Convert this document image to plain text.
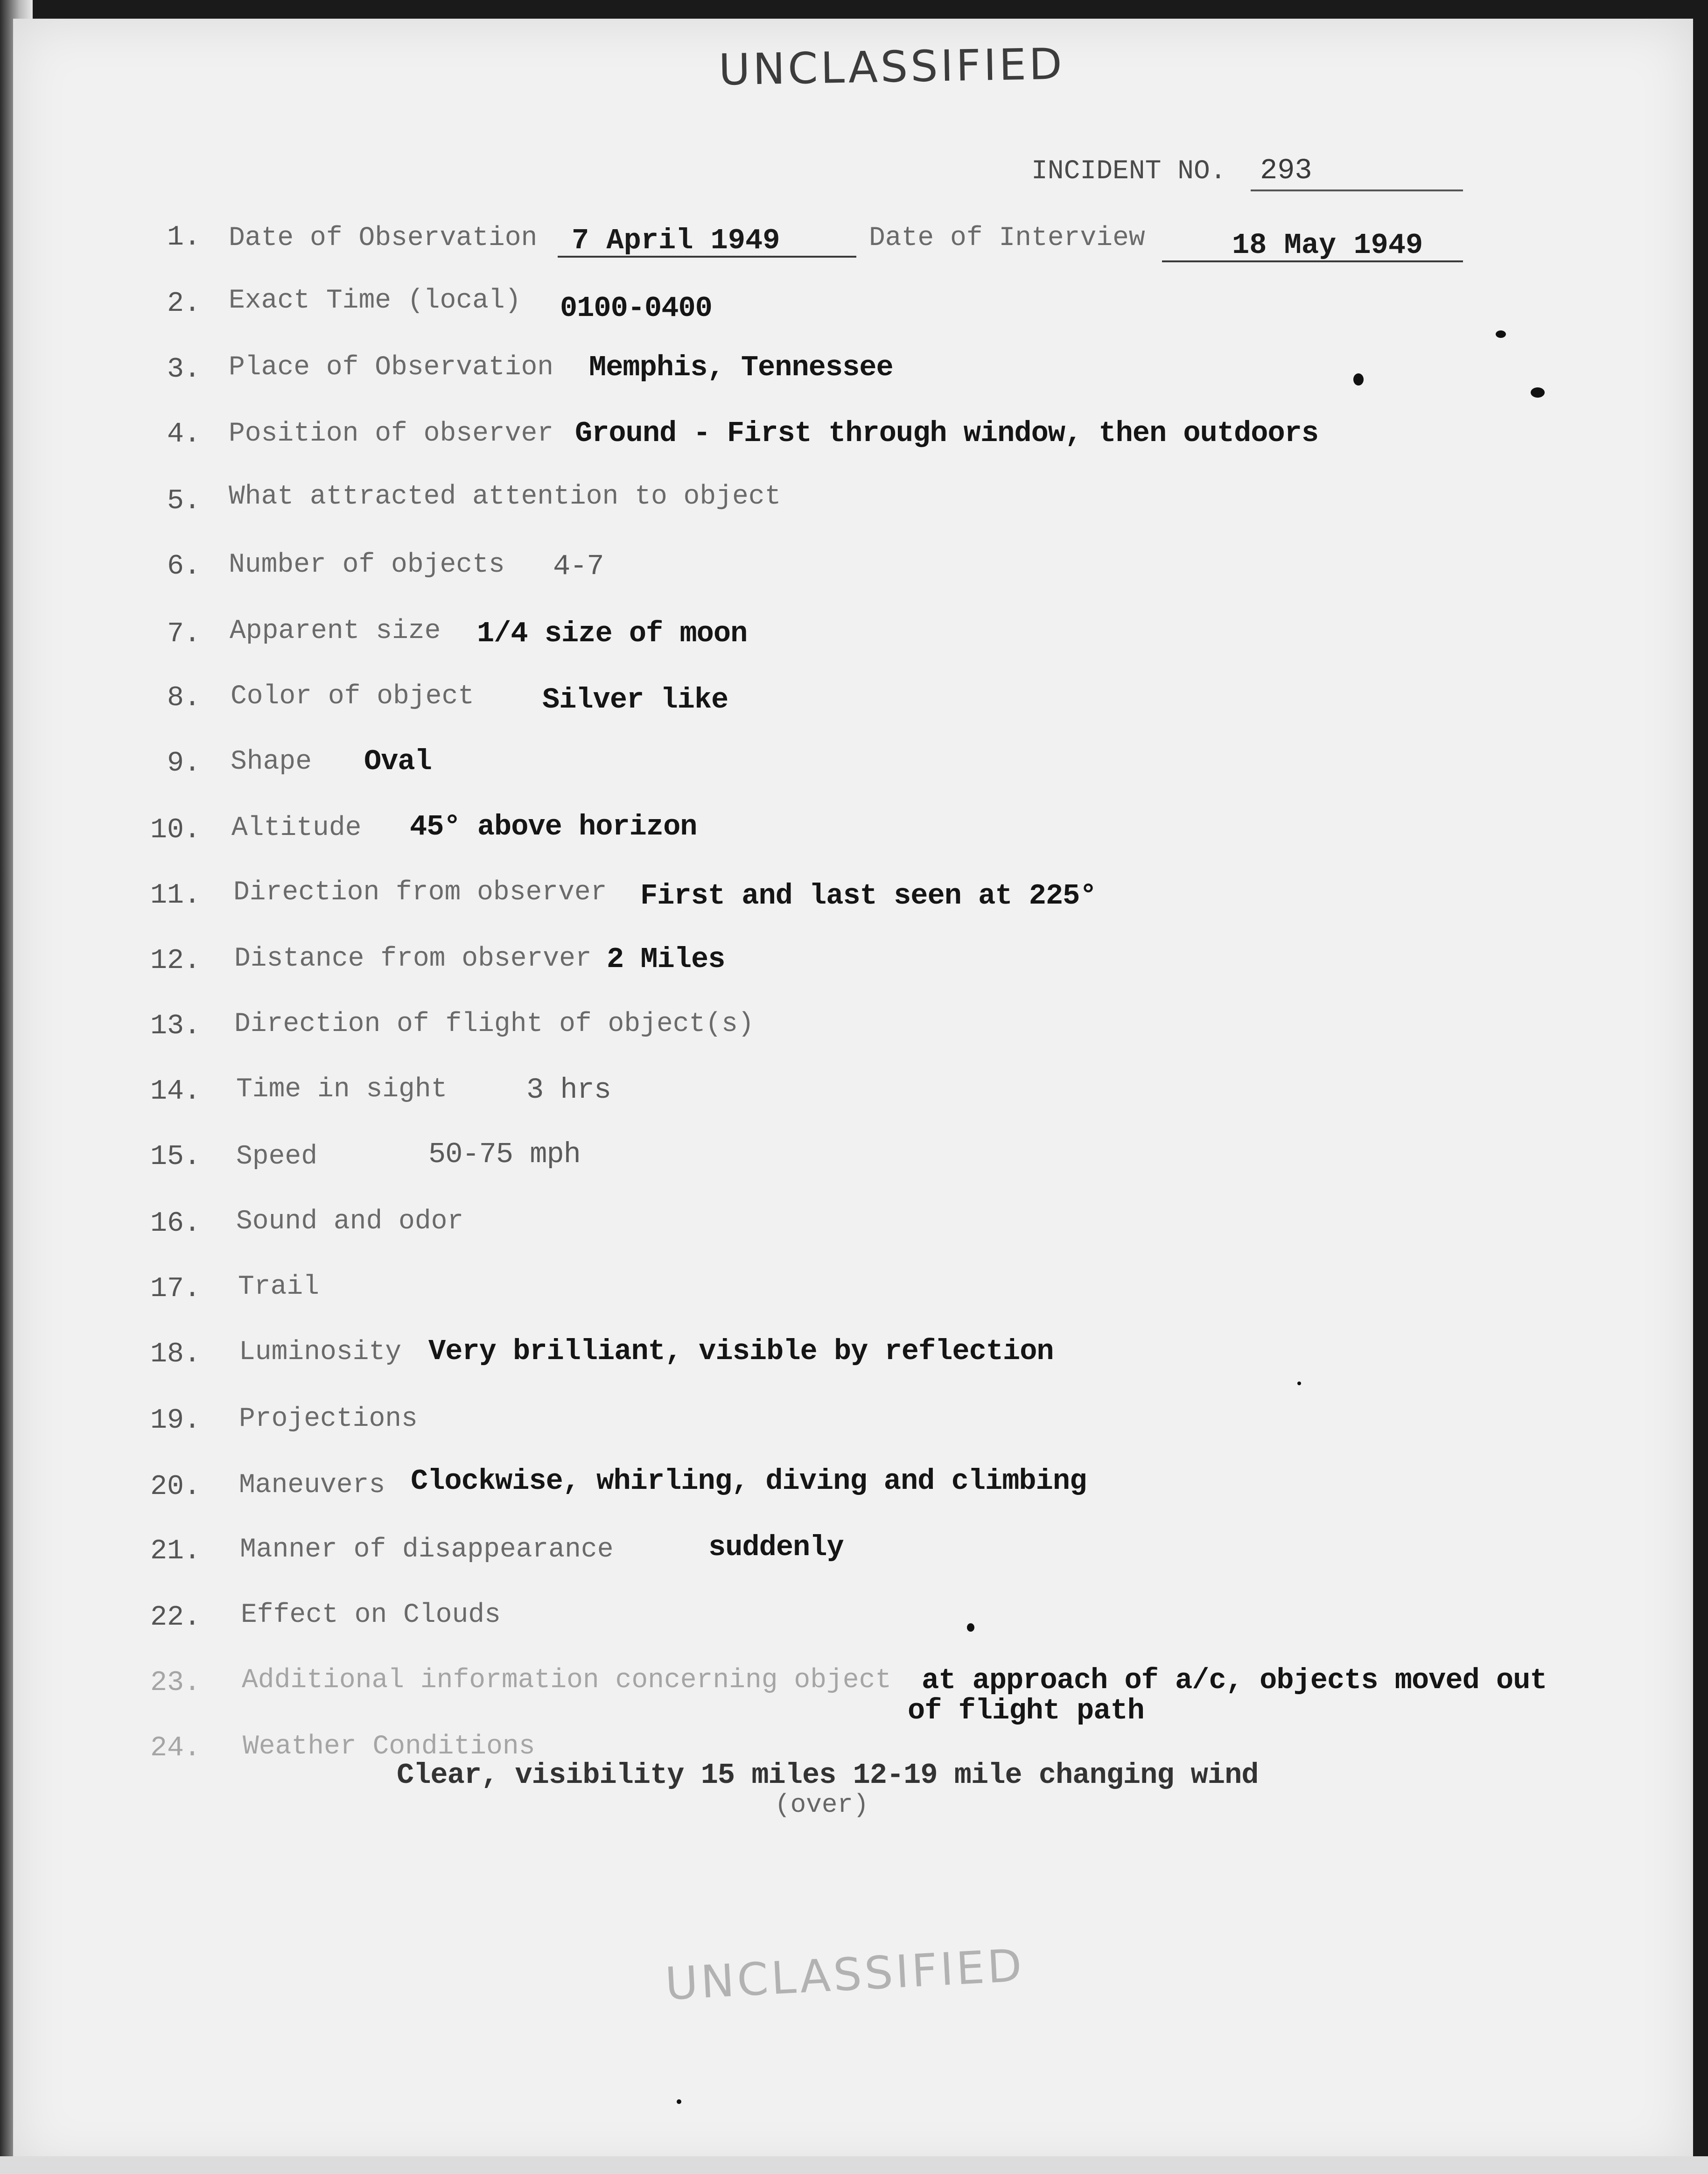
UNCLASSIFIED
INCIDENT NO.	293
1. Date of Observation	7 April 1949	Date of Interview	18 May 1949
2. Exact Time (local) 0100-0400
3. Place of Observation Memphis, Tennessee
4. Position of observer Ground - First through window, then outdoors
5. What attracted attention to object
6. Number of objects 4-7
7. Apparent size 1/4 size of moon
8. Color of object Silver like
9. Shape Oval
10. Altitude 45° above horizon
11. Direction from observer First and last seen at 225°
12. Distance from observer 2 Miles
13. Direction of flight of object(s)
14. Time in sight	3 hrs
15. Speed	50-75 mph
16. Sound and odor
17. Trail
18. Luminosity Very brilliant, visible by reflection
19. Projections
20. Maneuvers Clockwise, whirling, diving and climbing
21. Manner of disappearance	suddenly
22. Effect on Clouds
23. Additional information concerning object at approach of a/c, objects moved out
of flight path
24. Weather Conditions
Clear, visibility 15 miles 12-19 mile changing wind
(over)
UNCLASSIFIED
